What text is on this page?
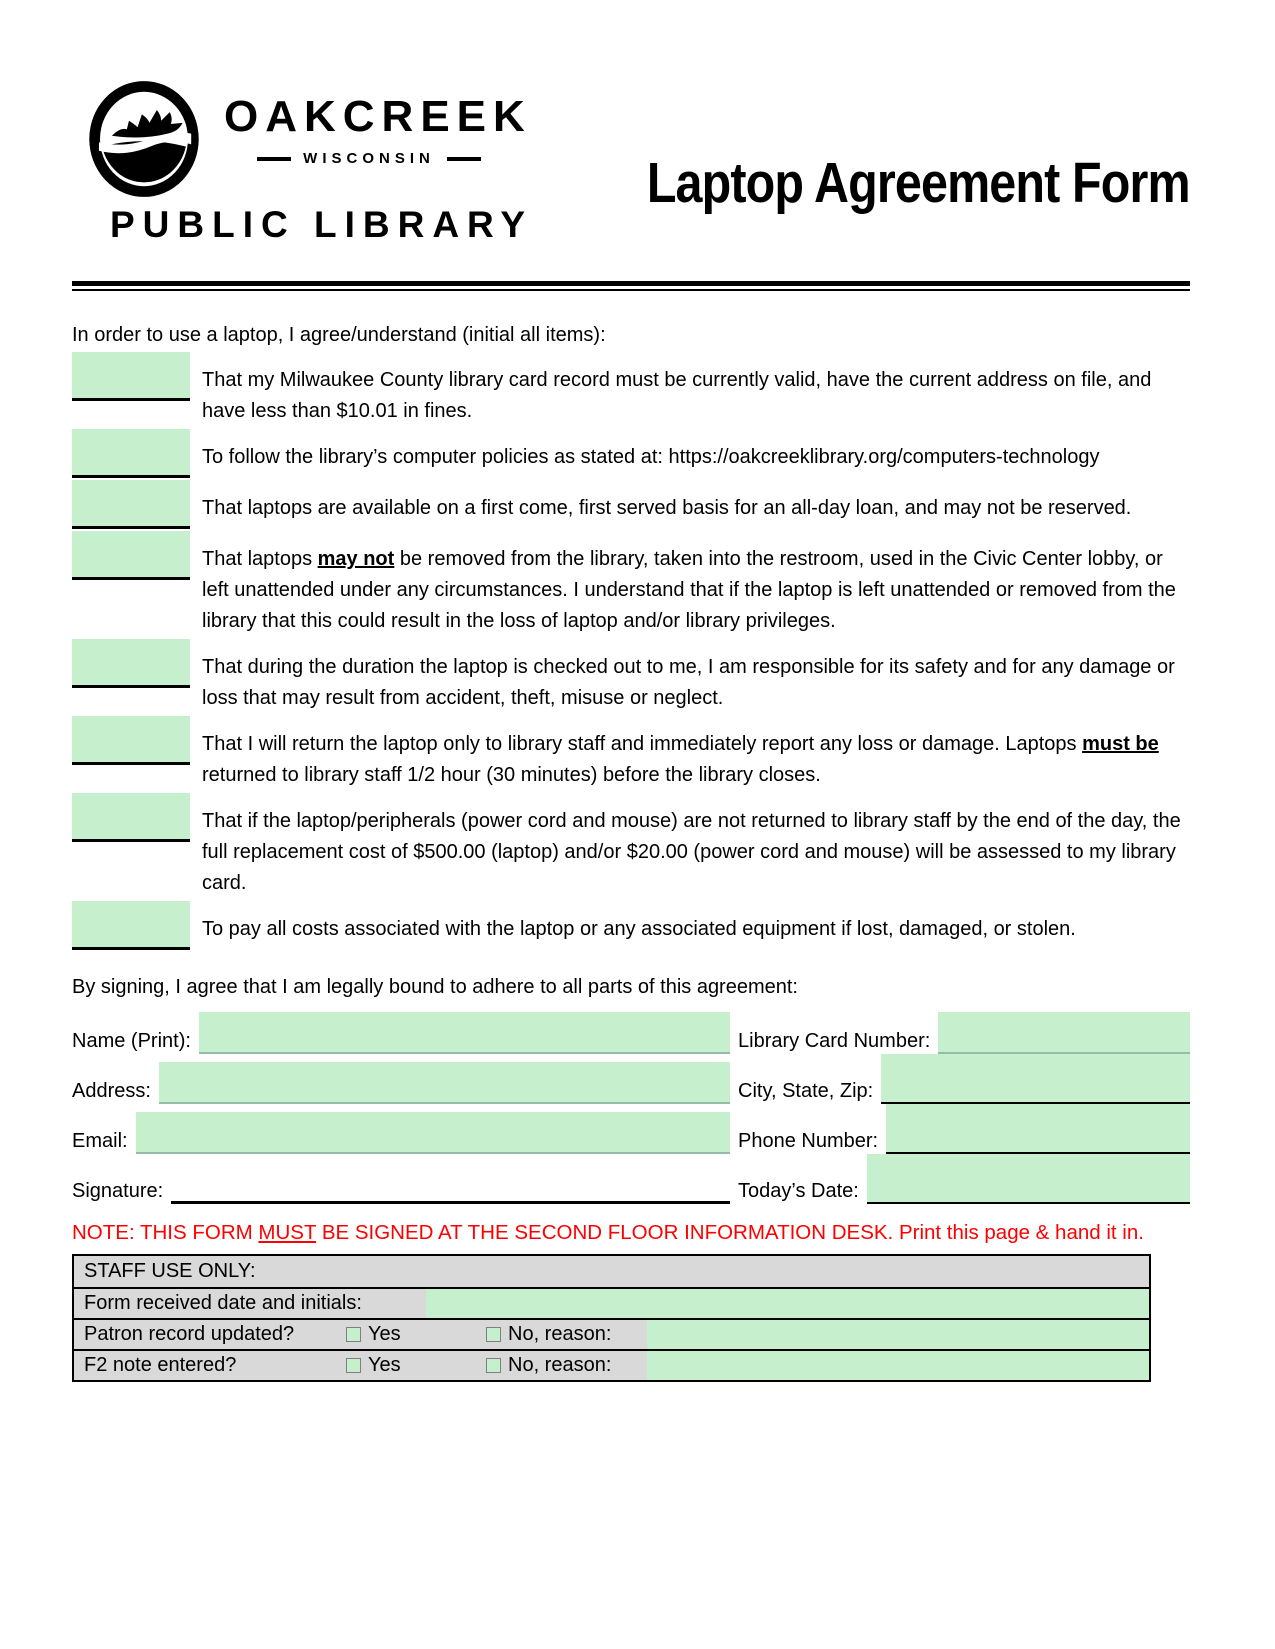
OAKCREEK
WISCONSIN
PUBLIC LIBRARY
Laptop Agreement Form

In order to use a laptop, I agree/understand (initial all items):

That my Milwaukee County library card record must be currently valid, have the current address on file, and have less than $10.01 in fines.
To follow the library’s computer policies as stated at: https://oakcreeklibrary.org/computers-technology
That laptops are available on a first come, first served basis for an all-day loan, and may not be reserved.
That laptops may not be removed from the library, taken into the restroom, used in the Civic Center lobby, or left unattended under any circumstances. I understand that if the laptop is left unattended or removed from the library that this could result in the loss of laptop and/or library privileges.
That during the duration the laptop is checked out to me, I am responsible for its safety and for any damage or loss that may result from accident, theft, misuse or neglect.
That I will return the laptop only to library staff and immediately report any loss or damage. Laptops must be returned to library staff 1/2 hour (30 minutes) before the library closes.
That if the laptop/peripherals (power cord and mouse) are not returned to library staff by the end of the day, the full replacement cost of $500.00 (laptop) and/or $20.00 (power cord and mouse) will be assessed to my library card.
To pay all costs associated with the laptop or any associated equipment if lost, damaged, or stolen.

By signing, I agree that I am legally bound to adhere to all parts of this agreement:

Name (Print):	Library Card Number:
Address:	City, State, Zip:
Email:	Phone Number:
Signature:	Today’s Date:
NOTE: THIS FORM MUST BE SIGNED AT THE SECOND FLOOR INFORMATION DESK. Print this page & hand it in.
STAFF USE ONLY:
Form received date and initials:
Patron record updated?	Yes	No, reason:
F2 note entered?	Yes	No, reason:
